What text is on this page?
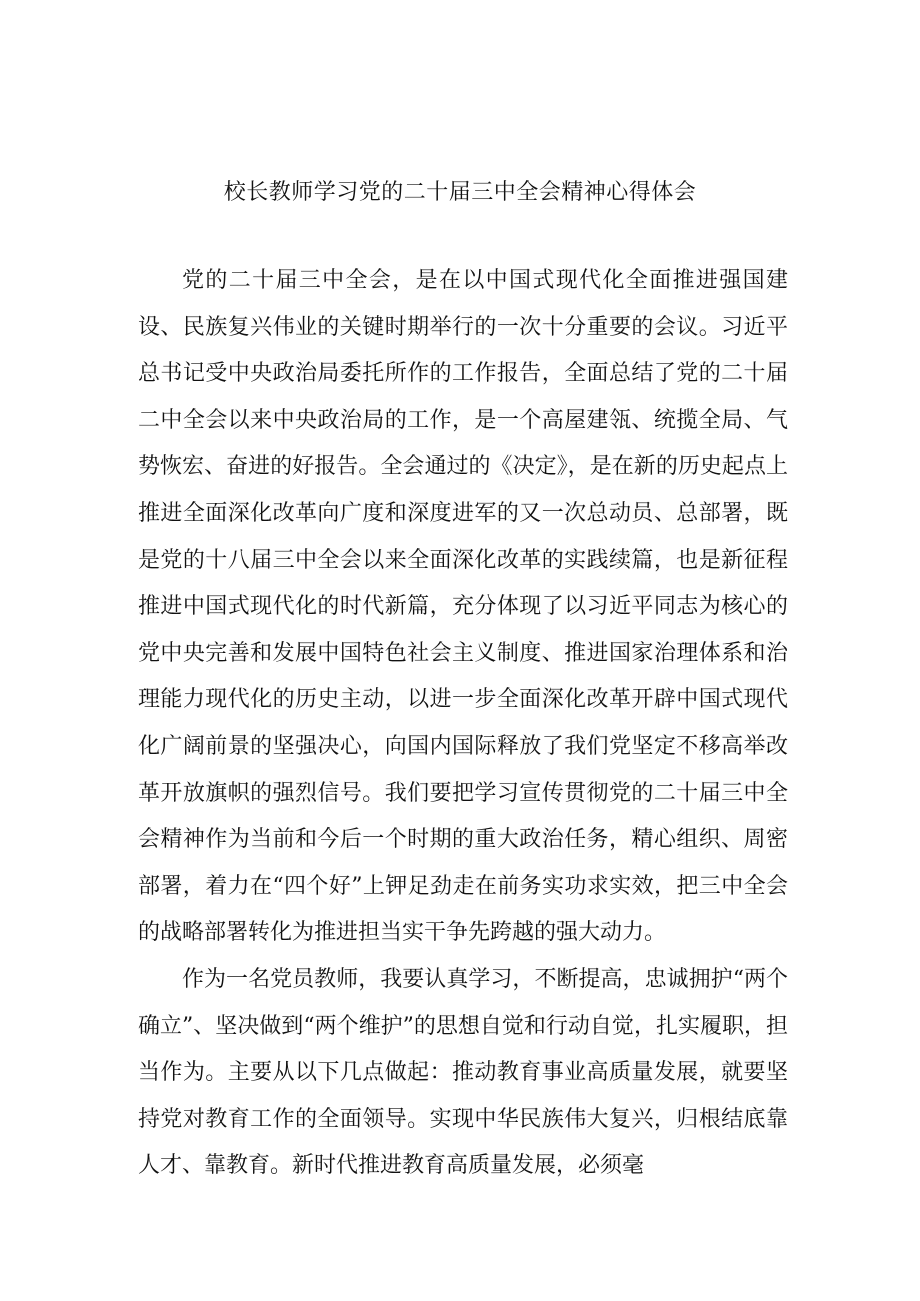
校长教师学习党的二十届三中全会精神心得体会

党的二十届三中全会，是在以中国式现代化全面推进强国建设、民族复兴伟业的关键时期举行的一次十分重要的会议。习近平总书记受中央政治局委托所作的工作报告，全面总结了党的二十届二中全会以来中央政治局的工作，是一个高屋建瓴、统揽全局、气势恢宏、奋进的好报告。全会通过的《决定》，是在新的历史起点上推进全面深化改革向广度和深度进军的又一次总动员、总部署，既是党的十八届三中全会以来全面深化改革的实践续篇，也是新征程推进中国式现代化的时代新篇，充分体现了以习近平同志为核心的党中央完善和发展中国特色社会主义制度、推进国家治理体系和治理能力现代化的历史主动，以进一步全面深化改革开辟中国式现代化广阔前景的坚强决心，向国内国际释放了我们党坚定不移高举改革开放旗帜的强烈信号。我们要把学习宣传贯彻党的二十届三中全会精神作为当前和今后一个时期的重大政治任务，精心组织、周密部署，着力在“四个好”上钾足劲走在前务实功求实效，把三中全会的战略部署转化为推进担当实干争先跨越的强大动力。

作为一名党员教师，我要认真学习，不断提高，忠诚拥护“两个确立”、坚决做到“两个维护”的思想自觉和行动自觉，扎实履职，担当作为。主要从以下几点做起：推动教育事业高质量发展，就要坚持党对教育工作的全面领导。实现中华民族伟大复兴，归根结底靠人才、靠教育。新时代推进教育高质量发展，必须毫
